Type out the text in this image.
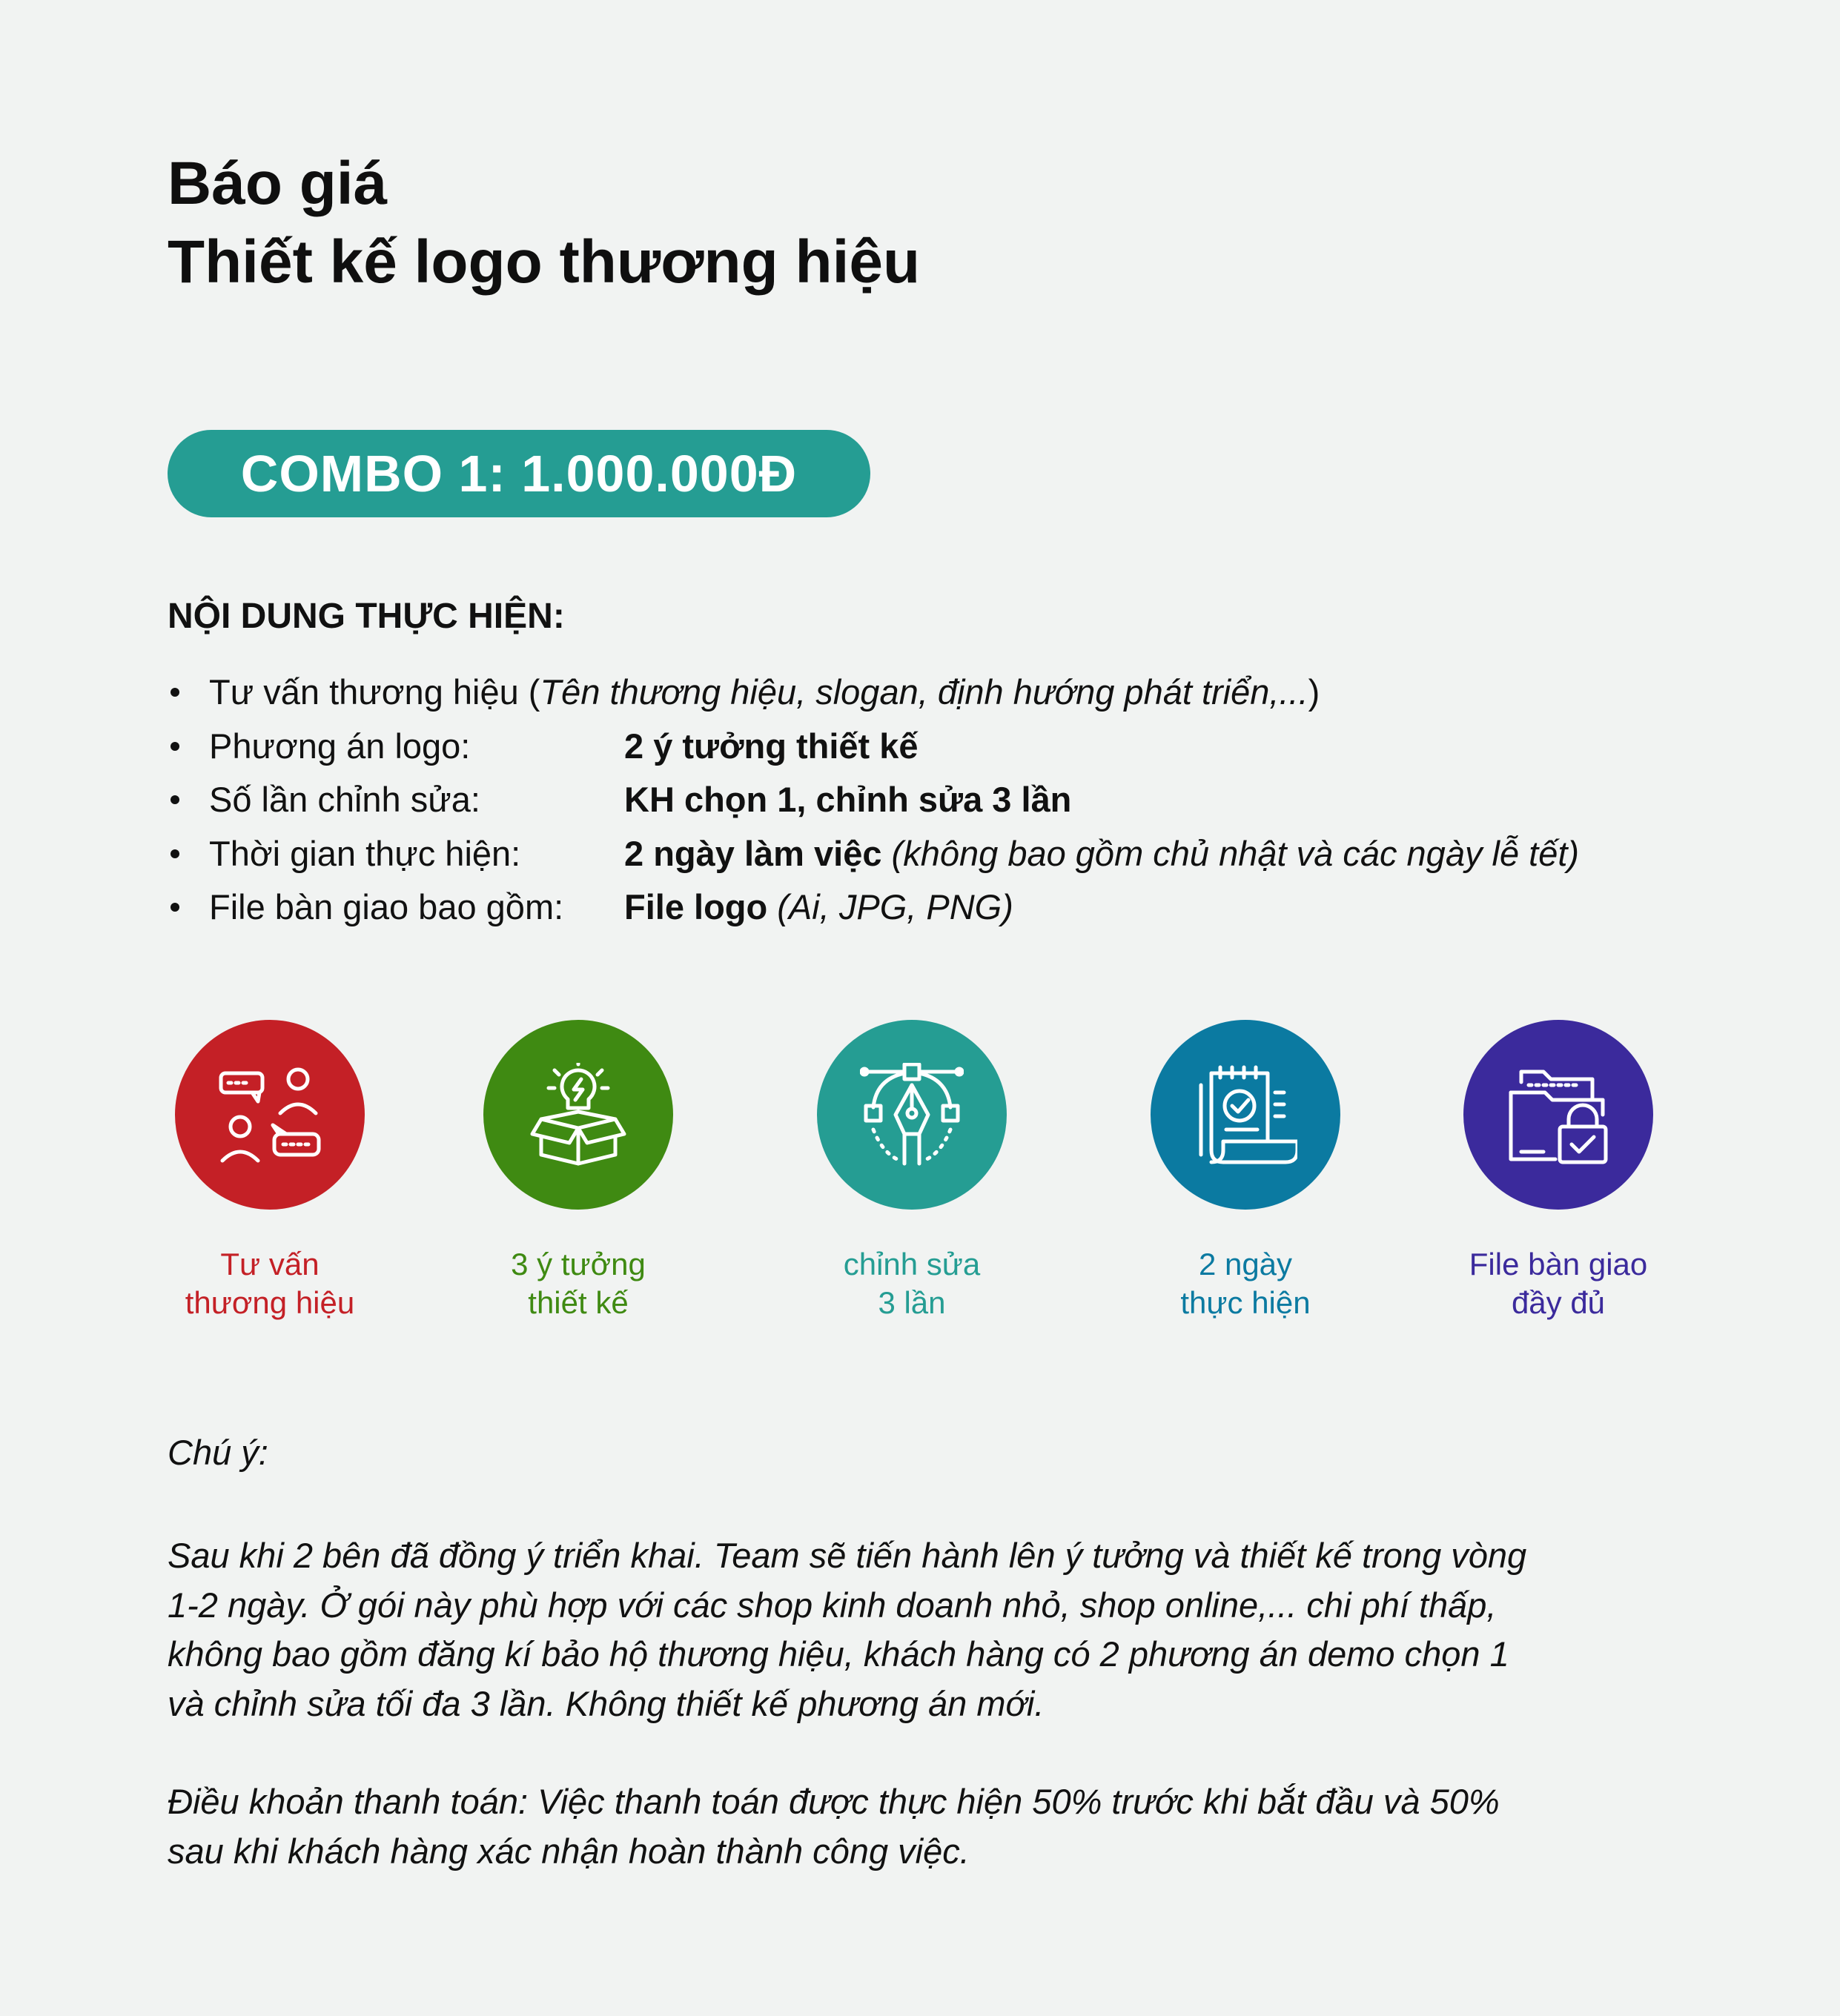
Báo giá
Thiết kế logo thương hiệu
COMBO 1: 1.000.000Đ
NỘI DUNG THỰC HIỆN:
Tư vấn thương hiệu (Tên thương hiệu, slogan, định hướng phát triển,...)
Phương án logo:	2 ý tưởng thiết kế
Số lần chỉnh sửa:	KH chọn 1, chỉnh sửa 3 lần
Thời gian thực hiện:	2 ngày làm việc (không bao gồm chủ nhật và các ngày lễ tết)
File bàn giao bao gồm: File logo (Ai, JPG, PNG)
Tư vấn
thương hiệu
3 ý tưởng
thiết kế
chỉnh sửa
3 lần
2 ngày
thực hiện
File bàn giao
đầy đủ

Chú ý:

Sau khi 2 bên đã đồng ý triển khai. Team sẽ tiến hành lên ý tưởng và thiết kế trong vòng
1-2 ngày. Ở gói này phù hợp với các shop kinh doanh nhỏ, shop online,... chi phí thấp,
không bao gồm đăng kí bảo hộ thương hiệu, khách hàng có 2 phương án demo chọn 1
và chỉnh sửa tối đa 3 lần. Không thiết kế phương án mới.

Điều khoản thanh toán: Việc thanh toán được thực hiện 50% trước khi bắt đầu và 50%
sau khi khách hàng xác nhận hoàn thành công việc.
